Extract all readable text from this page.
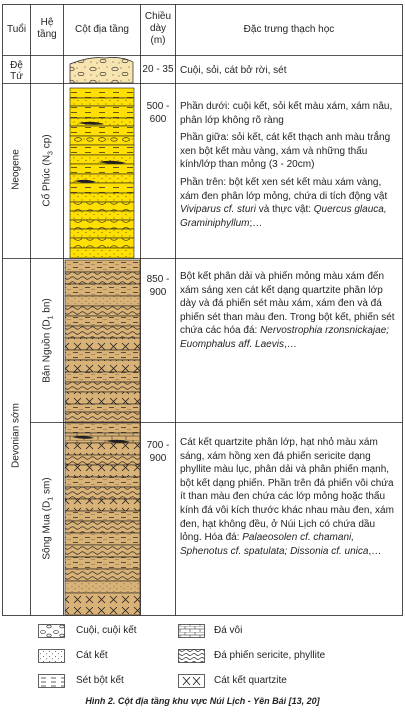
Tuổi
Hệ
tầng	Cột địa tầng
Chiều
dày
(m)
Đặc trưng thạch học
Đệ Tứ
Neogene
Devonian sớm
Cổ Phúc ($N_3$ cp)
Bản Nguồn ($D_1$ bn)
Sông Mua ($D_1$ sm)
20 - 35
500 -
600
850 -
900
700 -
900
Cuội, sỏi, cát bở rời, sét
Phần dưới: cuội kết, sỏi kết màu xám, xám nâu, phân lớp không rõ ràng
Phần giữa: sỏi kết, cát kết thạch anh màu trắng xen bột kết màu vàng, xám và những thấu kính/lớp than mỏng (3 - 20cm)
Phần trên: bột kết xen sét kết màu xám vàng, xám đen phân lớp mỏng, chứa di tích động vật Viviparus cf. sturi và thực vật: Quercus glauca, Graminiphyllum;…
Bột kết phân dải và phiến mỏng màu xám đến xám sáng xen cát kết dạng quartzite phân lớp dày và đá phiến sét màu xám, xám đen và đá phiến sét than màu đen. Trong bột kết, phiến sét chứa các hóa đá: Nervostrophia rzonsnickajae; Euomphalus aff. Laevis,…
Cát kết quartzite phân lớp, hạt nhỏ màu xám sáng, xám hồng xen đá phiến sericite dạng phyllite màu lục, phân dải và phân phiến mạnh, bột kết dạng phiến. Phần trên đá phiến vôi chứa ít than màu đen chứa các lớp mỏng hoặc thấu kính đá vôi kích thước khác nhau màu đen, xám đen, hạt không đều, ở Núi Lịch có chứa dầu lỏng. Hóa đá: Palaeosolen cf. chamani, Sphenotus cf. spatulata; Dissonia cf. unica,…
Cuội, cuội kết
Cát kết
Sét bột kết
Đá vôi
Đá phiến sericite, phyllite
Cát kết quartzite
Hình 2. Cột địa tầng khu vực Núi Lịch - Yên Bái [13, 20]
